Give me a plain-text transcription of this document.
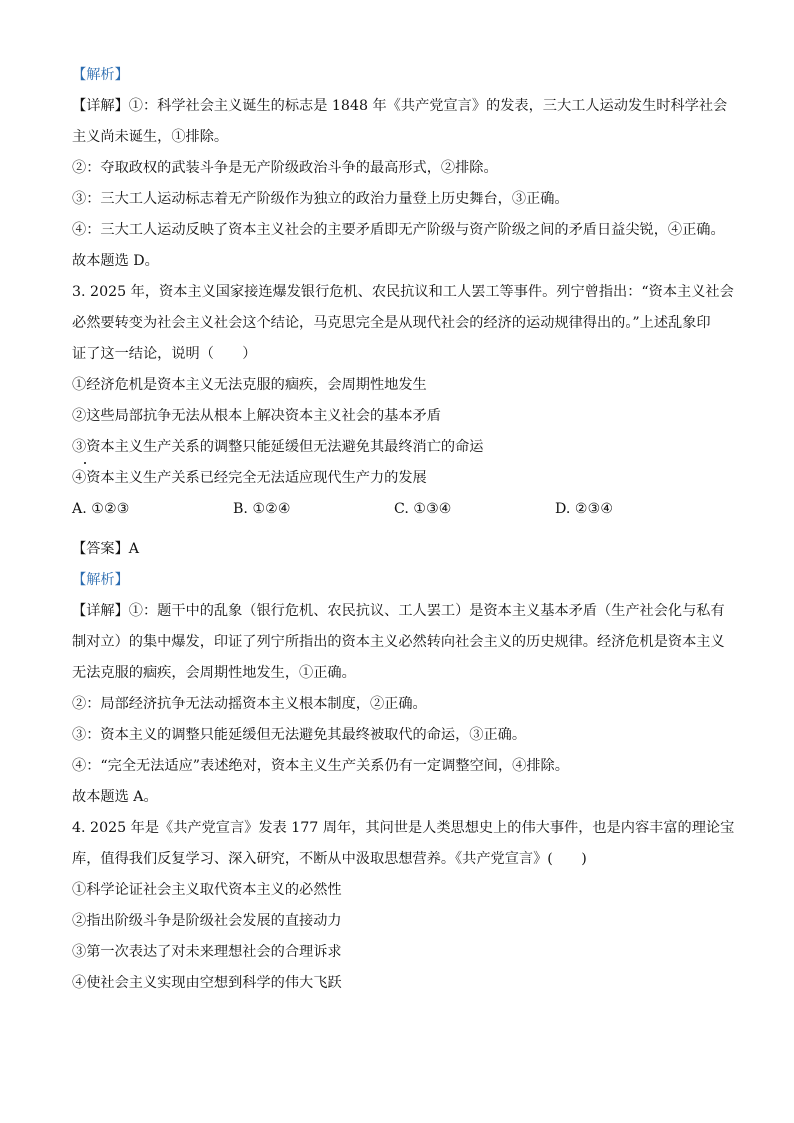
【解析】
【详解】①：科学社会主义诞生的标志是 1848 年《共产党宣言》的发表，三大工人运动发生时科学社会
主义尚未诞生，①排除。
②：夺取政权的武装斗争是无产阶级政治斗争的最高形式，②排除。
③：三大工人运动标志着无产阶级作为独立的政治力量登上历史舞台，③正确。
④：三大工人运动反映了资本主义社会的主要矛盾即无产阶级与资产阶级之间的矛盾日益尖锐，④正确。
故本题选 D。
3. 2025 年，资本主义国家接连爆发银行危机、农民抗议和工人罢工等事件。列宁曾指出：“资本主义社会
必然要转变为社会主义社会这个结论，马克思完全是从现代社会的经济的运动规律得出的。”上述乱象印
证了这一结论，说明（　　）
①经济危机是资本主义无法克服的痼疾，会周期性地发生
②这些局部抗争无法从根本上解决资本主义社会的基本矛盾
③资本主义生产关系的调整只能延缓但无法避免其最终消亡的命运
④资本主义生产关系已经完全无法适应现代生产力的发展
A. ①②③	B. ①②④	C. ①③④	D. ②③④
【答案】A
【解析】
【详解】①：题干中的乱象（银行危机、农民抗议、工人罢工）是资本主义基本矛盾（生产社会化与私有
制对立）的集中爆发，印证了列宁所指出的资本主义必然转向社会主义的历史规律。经济危机是资本主义
无法克服的痼疾，会周期性地发生，①正确。
②：局部经济抗争无法动摇资本主义根本制度，②正确。
③：资本主义的调整只能延缓但无法避免其最终被取代的命运，③正确。
④：“完全无法适应”表述绝对，资本主义生产关系仍有一定调整空间，④排除。
故本题选 A。
4. 2025 年是《共产党宣言》发表 177 周年，其问世是人类思想史上的伟大事件，也是内容丰富的理论宝
库，值得我们反复学习、深入研究，不断从中汲取思想营养。《共产党宣言》(　　)
①科学论证社会主义取代资本主义的必然性
②指出阶级斗争是阶级社会发展的直接动力
③第一次表达了对未来理想社会的合理诉求
④使社会主义实现由空想到科学的伟大飞跃
